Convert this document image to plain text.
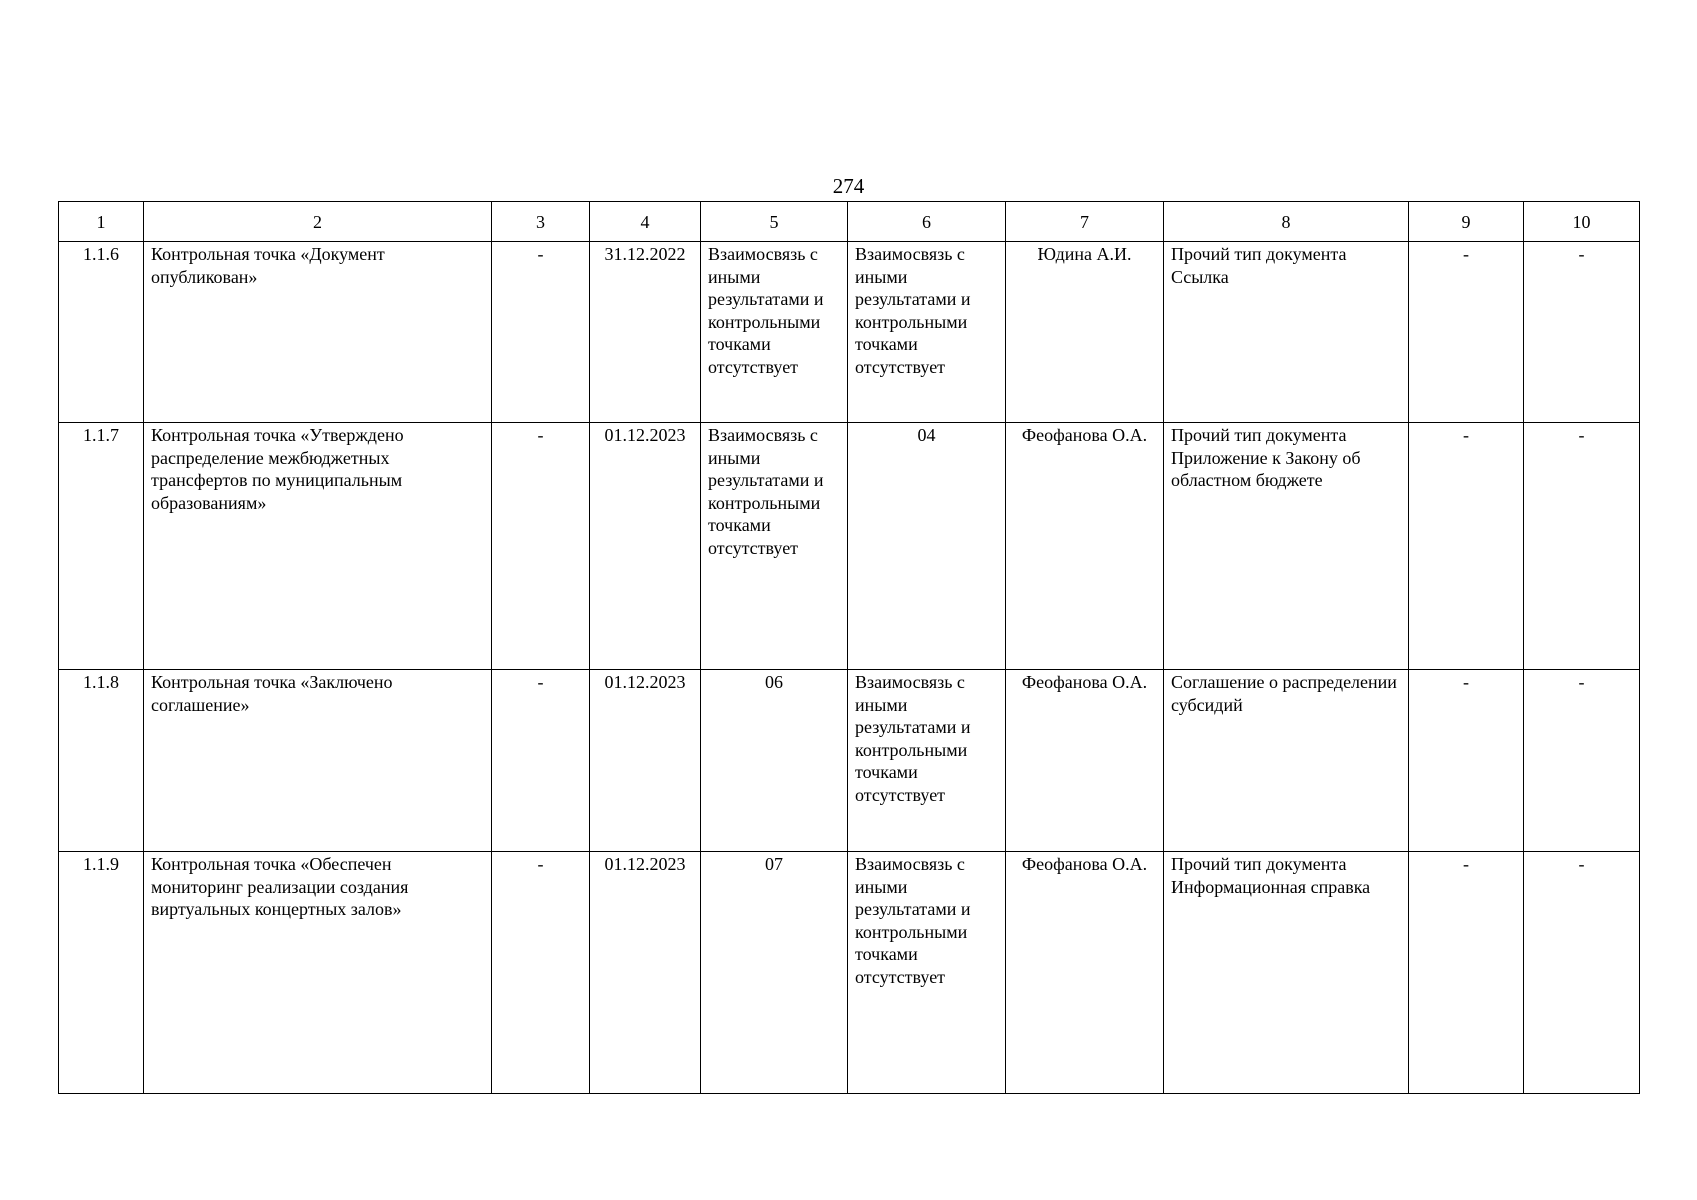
274
1	2	3	4	5	6	7	8	9	10
1.1.6	Контрольная точка «Документ опубликован»	-	31.12.2022	Взаимосвязь с иными результатами и контрольными точками отсутствует	Взаимосвязь с иными результатами и контрольными точками отсутствует	Юдина А.И.	Прочий тип документа Ссылка	-	-
1.1.7	Контрольная точка «Утверждено распределение межбюджетных трансфертов по муниципальным образованиям»	-	01.12.2023	Взаимосвязь с иными результатами и контрольными точками отсутствует	04	Феофанова О.А.	Прочий тип документа Приложение к Закону об областном бюджете	-	-
1.1.8	Контрольная точка «Заключено соглашение»	-	01.12.2023	06	Взаимосвязь с иными результатами и контрольными точками отсутствует	Феофанова О.А.	Соглашение о распределении субсидий	-	-
1.1.9	Контрольная точка «Обеспечен мониторинг реализации создания виртуальных концертных залов»	-	01.12.2023	07	Взаимосвязь с иными результатами и контрольными точками отсутствует	Феофанова О.А.	Прочий тип документа Информационная справка	-	-
